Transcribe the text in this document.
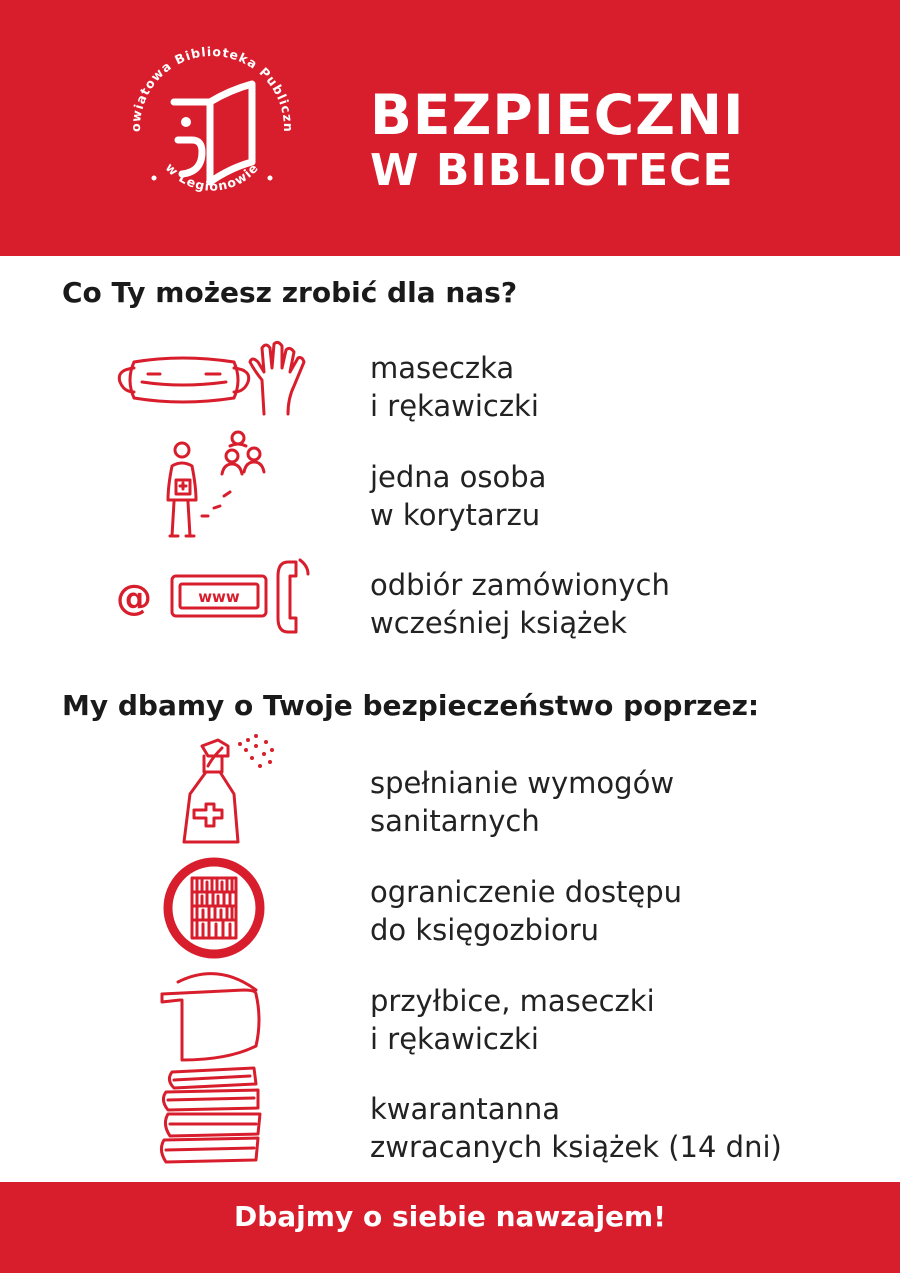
owiatowa Biblioteka Publiczn
w Legionowie
BEZPIECZNI
W BIBLIOTECE
Co Ty możesz zrobić dla nas?
maseczka
i rękawiczki
jedna osoba
w korytarzu
@	www	odbiór zamówionych
wcześniej książek
My dbamy o Twoje bezpieczeństwo poprzez:
spełnianie wymogów
sanitarnych
ograniczenie dostępu
do księgozbioru
przyłbice, maseczki
i rękawiczki
kwarantanna
zwracanych książek (14 dni)
Dbajmy o siebie nawzajem!
